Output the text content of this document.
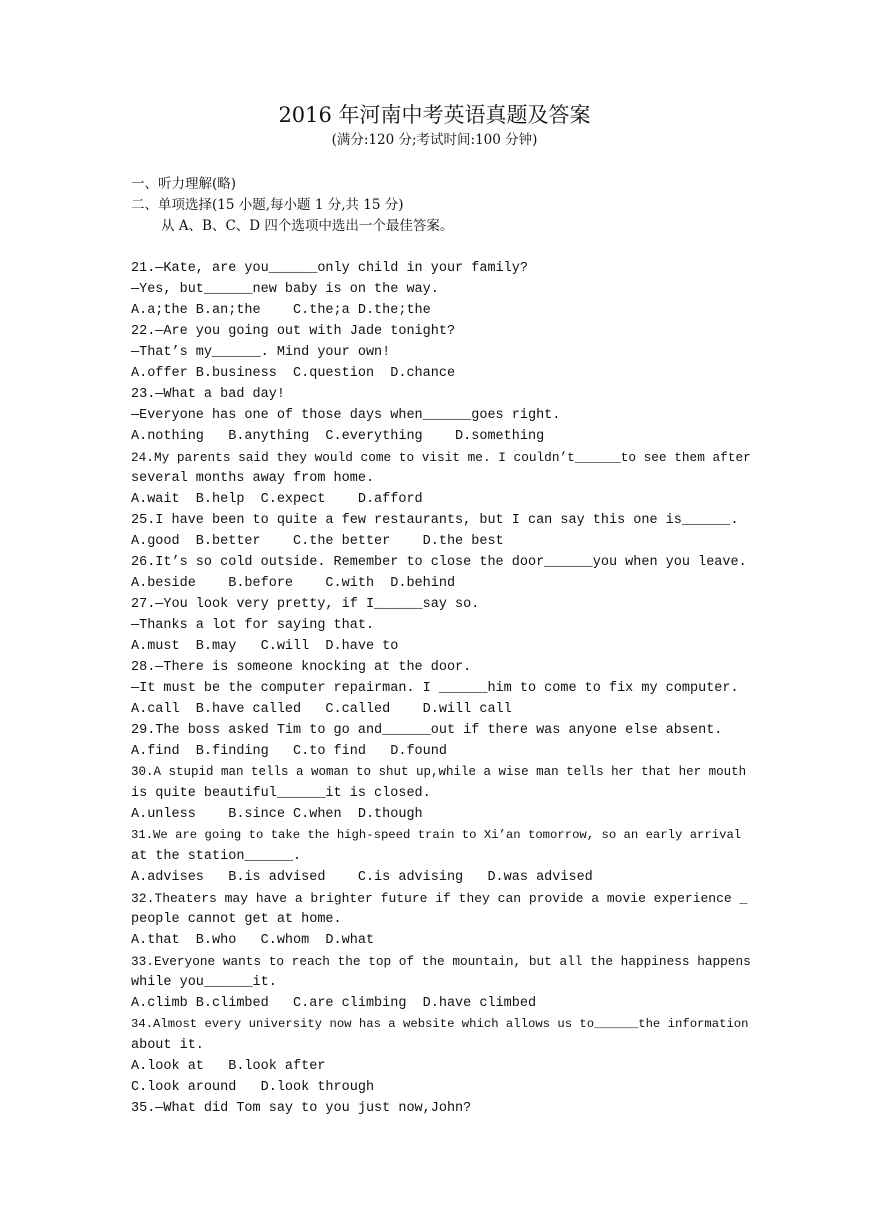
2016 年河南中考英语真题及答案
(满分:120 分;考试时间:100 分钟)
一、听力理解(略)
二、单项选择(15 小题,每小题 1 分,共 15 分)
从 A、B、C、D 四个选项中选出一个最佳答案。
21.—Kate, are you______only child in your family?
—Yes, but______new baby is on the way.
A.a;the B.an;the    C.the;a D.the;the
22.—Are you going out with Jade tonight?
—That’s my______. Mind your own!
A.offer B.business  C.question  D.chance
23.—What a bad day!
—Everyone has one of those days when______goes right.
A.nothing   B.anything  C.everything    D.something
24.My parents said they would come to visit me. I couldn’t______to see them after
several months away from home.
A.wait  B.help  C.expect    D.afford
25.I have been to quite a few restaurants, but I can say this one is______.
A.good  B.better    C.the better    D.the best
26.It’s so cold outside. Remember to close the door______you when you leave.
A.beside    B.before    C.with  D.behind
27.—You look very pretty, if I______say so.
—Thanks a lot for saying that.
A.must  B.may   C.will  D.have to
28.—There is someone knocking at the door.
—It must be the computer repairman. I ______him to come to fix my computer.
A.call  B.have called   C.called    D.will call
29.The boss asked Tim to go and______out if there was anyone else absent.
A.find  B.finding   C.to find   D.found
30.A stupid man tells a woman to shut up,while a wise man tells her that her mouth
is quite beautiful______it is closed.
A.unless    B.since C.when  D.though
31.We are going to take the high-speed train to Xi’an tomorrow, so an early arrival
at the station______.
A.advises   B.is advised    C.is advising   D.was advised
32.Theaters may have a brighter future if they can provide a movie experience _
people cannot get at home.
A.that  B.who   C.whom  D.what
33.Everyone wants to reach the top of the mountain, but all the happiness happens
while you______it.
A.climb B.climbed   C.are climbing  D.have climbed
34.Almost every university now has a website which allows us to______the information
about it.
A.look at   B.look after
C.look around   D.look through
35.—What did Tom say to you just now,John?
